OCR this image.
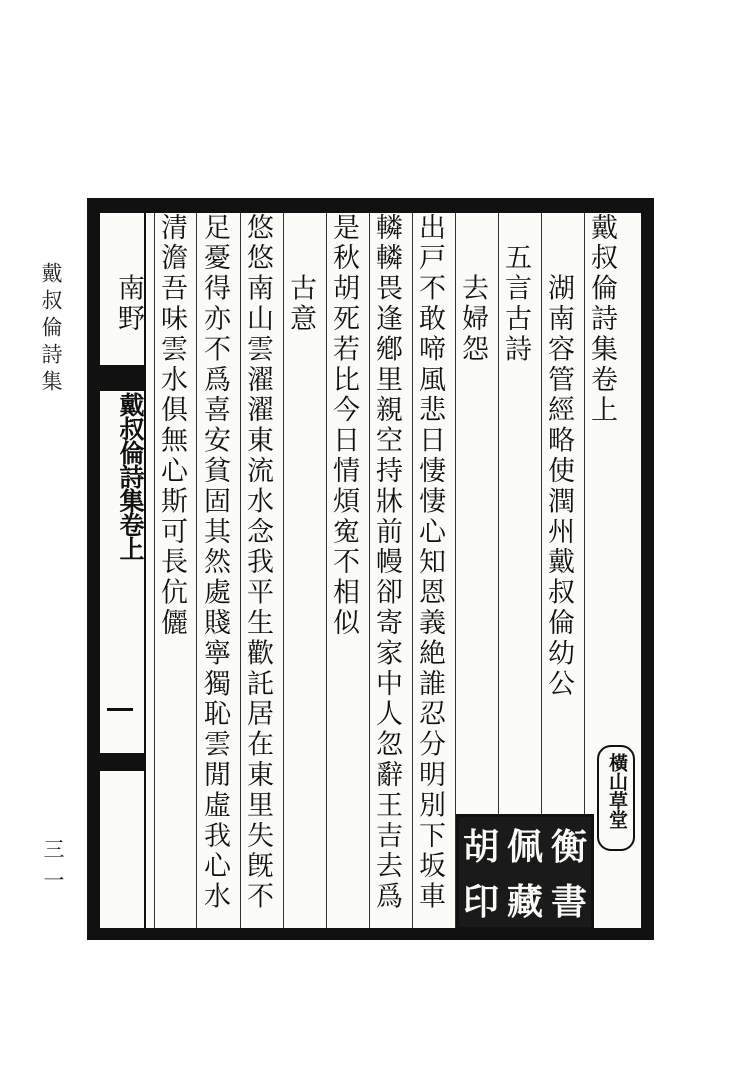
戴叔倫詩集
三一
戴叔倫詩集卷上
戴叔倫詩集卷上
　　湖南容管經略使潤州戴叔倫幼公
　五言古詩
　　去婦怨
出戸不敢啼風悲日悽悽心知恩義絶誰忍分明別下坂車
轔轔畏逢鄕里親空持牀前幔卻寄家中人忽辭王吉去爲
是秋胡死若比今日情煩寃不相似
　　古意
悠悠南山雲濯濯東流水念我平生歡託居在東里失旣不
足憂得亦不爲喜安貧固其然處賤寧獨恥雲閒虛我心水
清澹吾味雲水俱無心斯可長伉儷
　　南野
橫山草堂
胡 佩 衡
印 藏 書
